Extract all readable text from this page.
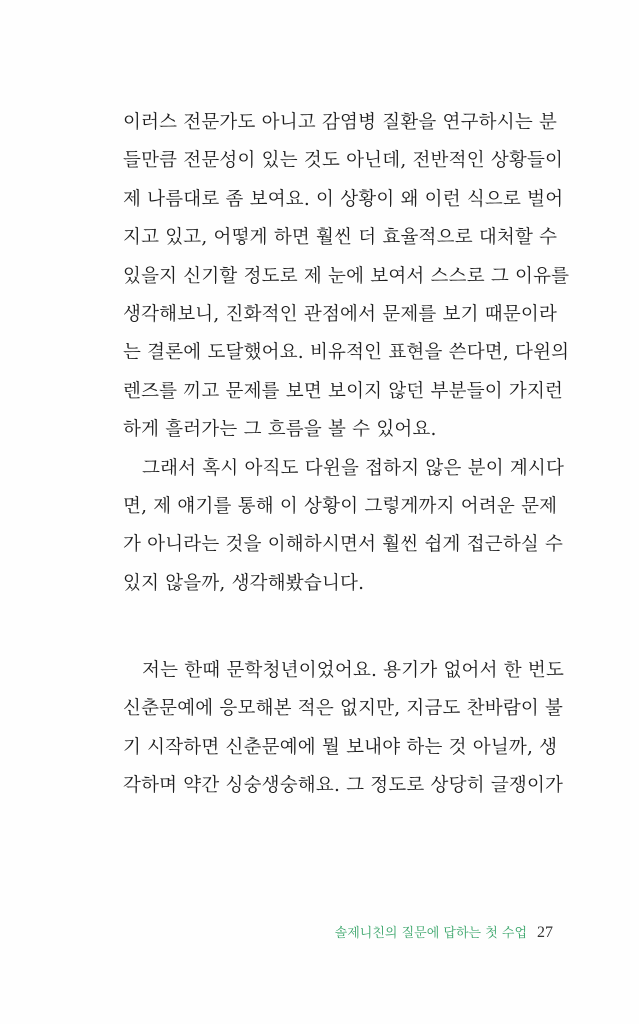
이러스 전문가도 아니고 감염병 질환을 연구하시는 분
들만큼 전문성이 있는 것도 아닌데, 전반적인 상황들이
제 나름대로 좀 보여요. 이 상황이 왜 이런 식으로 벌어
지고 있고, 어떻게 하면 훨씬 더 효율적으로 대처할 수
있을지 신기할 정도로 제 눈에 보여서 스스로 그 이유를
생각해보니, 진화적인 관점에서 문제를 보기 때문이라
는 결론에 도달했어요. 비유적인 표현을 쓴다면, 다윈의
렌즈를 끼고 문제를 보면 보이지 않던 부분들이 가지런
하게 흘러가는 그 흐름을 볼 수 있어요.
그래서 혹시 아직도 다윈을 접하지 않은 분이 계시다
면, 제 얘기를 통해 이 상황이 그렇게까지 어려운 문제
가 아니라는 것을 이해하시면서 훨씬 쉽게 접근하실 수
있지 않을까, 생각해봤습니다.
저는 한때 문학청년이었어요. 용기가 없어서 한 번도
신춘문예에 응모해본 적은 없지만, 지금도 찬바람이 불
기 시작하면 신춘문예에 뭘 보내야 하는 것 아닐까, 생
각하며 약간 싱숭생숭해요. 그 정도로 상당히 글쟁이가
솔제니친의 질문에 답하는 첫 수업 27
